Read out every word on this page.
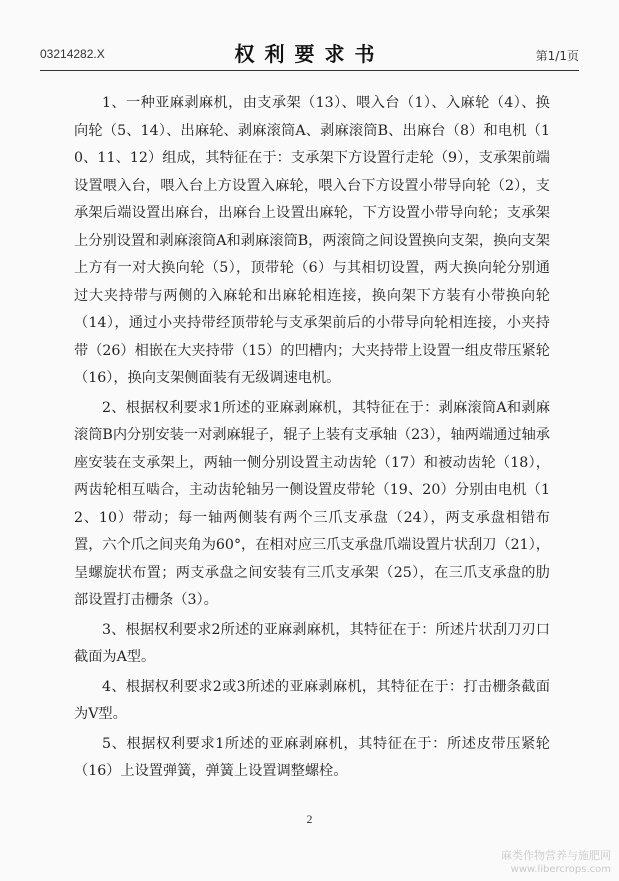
03214282.X	权利要求书	第1/1页

1、一种亚麻剥麻机，由支承架（13）、喂入台（1）、入麻轮（4）、换向轮（5、14）、出麻轮、剥麻滚筒A、剥麻滚筒B、出麻台（8）和电机（10、11、12）组成，其特征在于：支承架下方设置行走轮（9），支承架前端设置喂入台，喂入台上方设置入麻轮，喂入台下方设置小带导向轮（2），支承架后端设置出麻台，出麻台上设置出麻轮，下方设置小带导向轮；支承架上分别设置和剥麻滚筒A和剥麻滚筒B，两滚筒之间设置换向支架，换向支架上方有一对大换向轮（5），顶带轮（6）与其相切设置，两大换向轮分别通过大夹持带与两侧的入麻轮和出麻轮相连接，换向架下方装有小带换向轮（14），通过小夹持带经顶带轮与支承架前后的小带导向轮相连接，小夹持带（26）相嵌在大夹持带（15）的凹槽内；大夹持带上设置一组皮带压紧轮（16），换向支架侧面装有无级调速电机。

2、根据权利要求1所述的亚麻剥麻机，其特征在于：剥麻滚筒A和剥麻滚筒B内分别安装一对剥麻辊子，辊子上装有支承轴（23），轴两端通过轴承座安装在支承架上，两轴一侧分别设置主动齿轮（17）和被动齿轮（18），两齿轮相互啮合，主动齿轮轴另一侧设置皮带轮（19、20）分别由电机（12、10）带动；每一轴两侧装有两个三爪支承盘（24），两支承盘相错布置，六个爪之间夹角为60°，在相对应三爪支承盘爪端设置片状刮刀（21），呈螺旋状布置；两支承盘之间安装有三爪支承架（25），在三爪支承盘的肋部设置打击栅条（3）。

3、根据权利要求2所述的亚麻剥麻机，其特征在于：所述片状刮刀刃口截面为A型。

4、根据权利要求2或3所述的亚麻剥麻机，其特征在于：打击栅条截面为V型。

5、根据权利要求1所述的亚麻剥麻机，其特征在于：所述皮带压紧轮（16）上设置弹簧，弹簧上设置调整螺栓。

2
麻类作物营养与施肥网
www.libercrops.com
